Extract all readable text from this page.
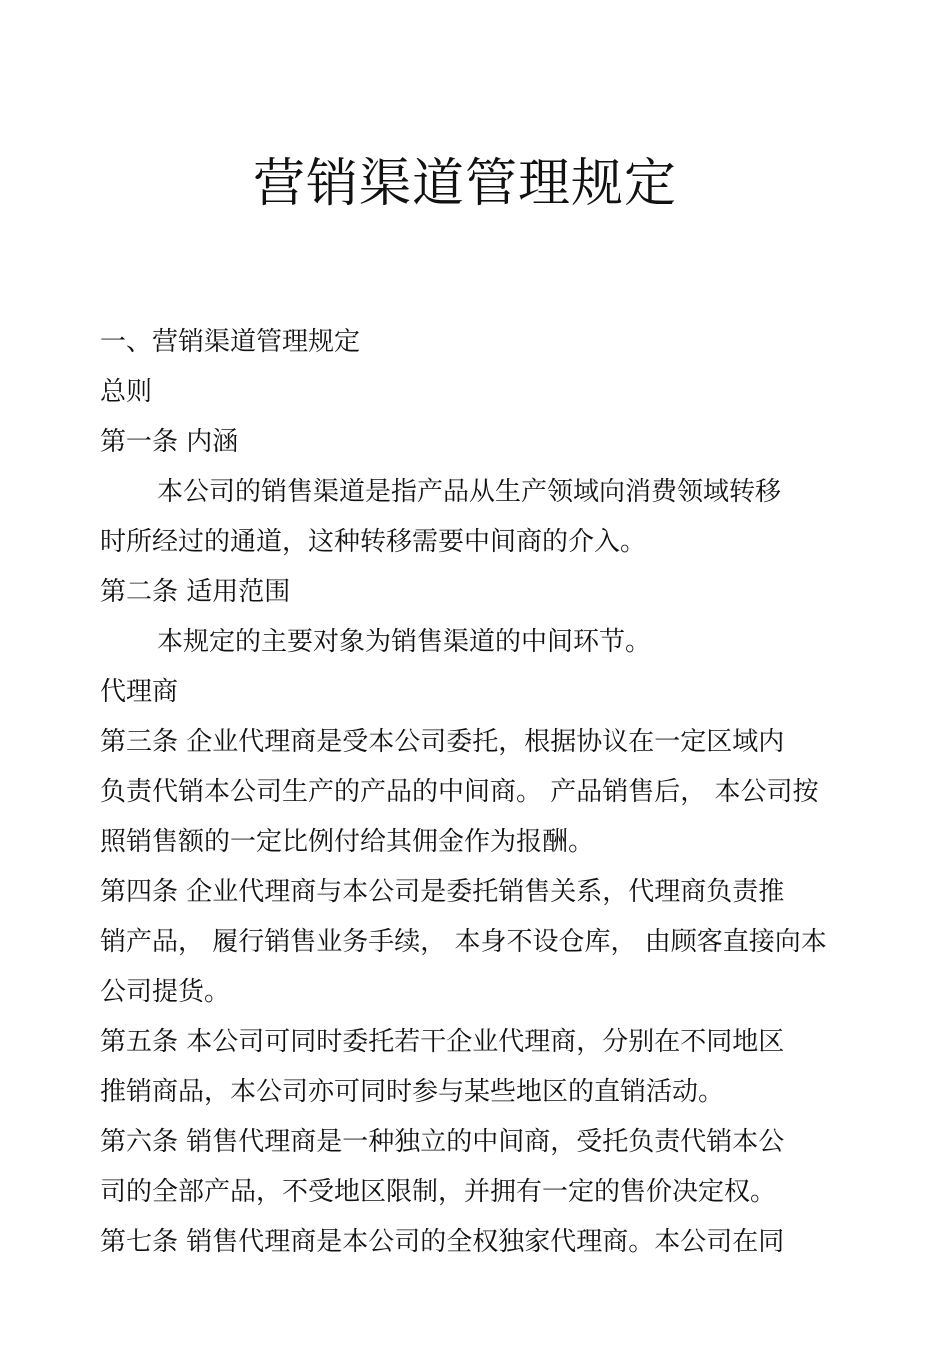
营销渠道管理规定

一、营销渠道管理规定

总则

第一条 内涵

本公司的销售渠道是指产品从生产领域向消费领域转移

时所经过的通道，这种转移需要中间商的介入。

第二条 适用范围

本规定的主要对象为销售渠道的中间环节。

代理商

第三条 企业代理商是受本公司委托，根据协议在一定区域内

负责代销本公司生产的产品的中间商。 产品销售后， 本公司按

照销售额的一定比例付给其佣金作为报酬。

第四条 企业代理商与本公司是委托销售关系，代理商负责推

销产品， 履行销售业务手续， 本身不设仓库， 由顾客直接向本

公司提货。

第五条 本公司可同时委托若干企业代理商，分别在不同地区

推销商品，本公司亦可同时参与某些地区的直销活动。

第六条 销售代理商是一种独立的中间商，受托负责代销本公

司的全部产品，不受地区限制，并拥有一定的售价决定权。

第七条 销售代理商是本公司的全权独家代理商。本公司在同
